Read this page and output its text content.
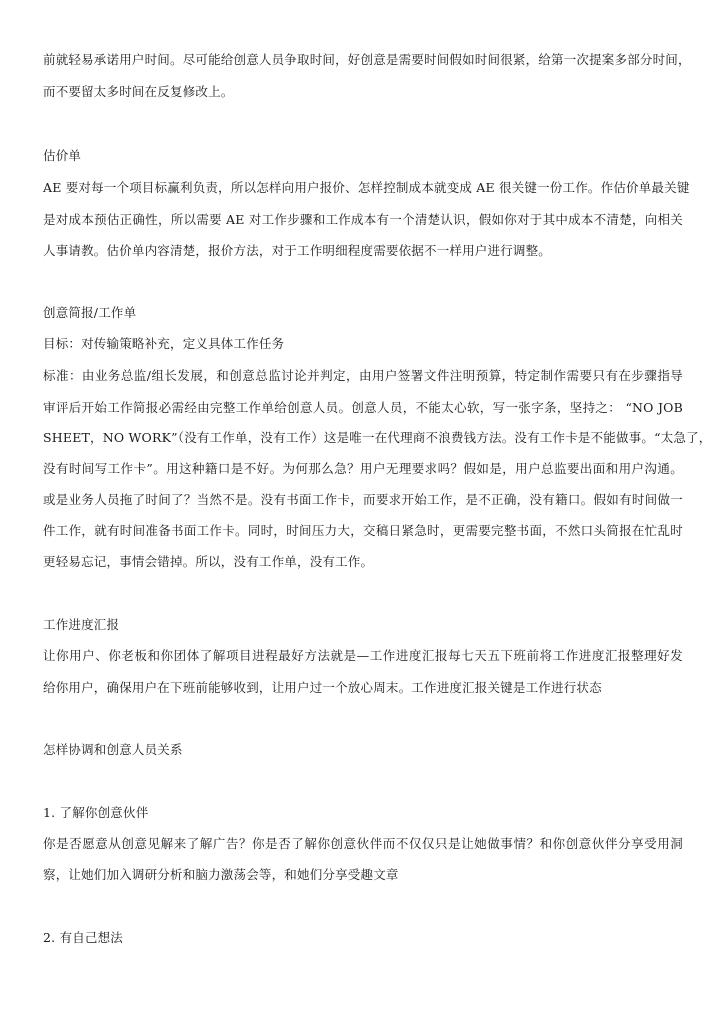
前就轻易承诺用户时间。尽可能给创意人员争取时间，好创意是需要时间假如时间很紧，给第一次提案多部分时间，

而不要留太多时间在反复修改上。

估价单

AE 要对每一个项目标赢利负责，所以怎样向用户报价、怎样控制成本就变成 AE 很关键一份工作。作估价单最关键

是对成本预估正确性，所以需要 AE 对工作步骤和工作成本有一个清楚认识，假如你对于其中成本不清楚，向相关

人事请教。估价单内容清楚，报价方法，对于工作明细程度需要依据不一样用户进行调整。

创意简报/工作单

目标：对传输策略补充，定义具体工作任务

标准：由业务总监/组长发展，和创意总监讨论并判定，由用户签署文件注明预算，特定制作需要只有在步骤指导

审评后开始工作简报必需经由完整工作单给创意人员。创意人员，不能太心软，写一张字条，坚持之： “NO JOB

SHEET，NO WORK”（没有工作单，没有工作）这是唯一在代理商不浪费钱方法。没有工作卡是不能做事。“太急了，

没有时间写工作卡”。用这种籍口是不好。为何那么急？用户无理要求吗？假如是，用户总监要出面和用户沟通。

或是业务人员拖了时间了？当然不是。没有书面工作卡，而要求开始工作，是不正确，没有籍口。假如有时间做一

件工作，就有时间准备书面工作卡。同时，时间压力大，交稿日紧急时，更需要完整书面，不然口头简报在忙乱时

更轻易忘记，事情会错掉。所以，没有工作单，没有工作。

工作进度汇报

让你用户、你老板和你团体了解项目进程最好方法就是—工作进度汇报每七天五下班前将工作进度汇报整理好发

给你用户，确保用户在下班前能够收到，让用户过一个放心周末。工作进度汇报关键是工作进行状态

怎样协调和创意人员关系

1. 了解你创意伙伴

你是否愿意从创意见解来了解广告？你是否了解你创意伙伴而不仅仅只是让她做事情？和你创意伙伴分享受用洞

察，让她们加入调研分析和脑力激荡会等，和她们分享受趣文章

2. 有自己想法
